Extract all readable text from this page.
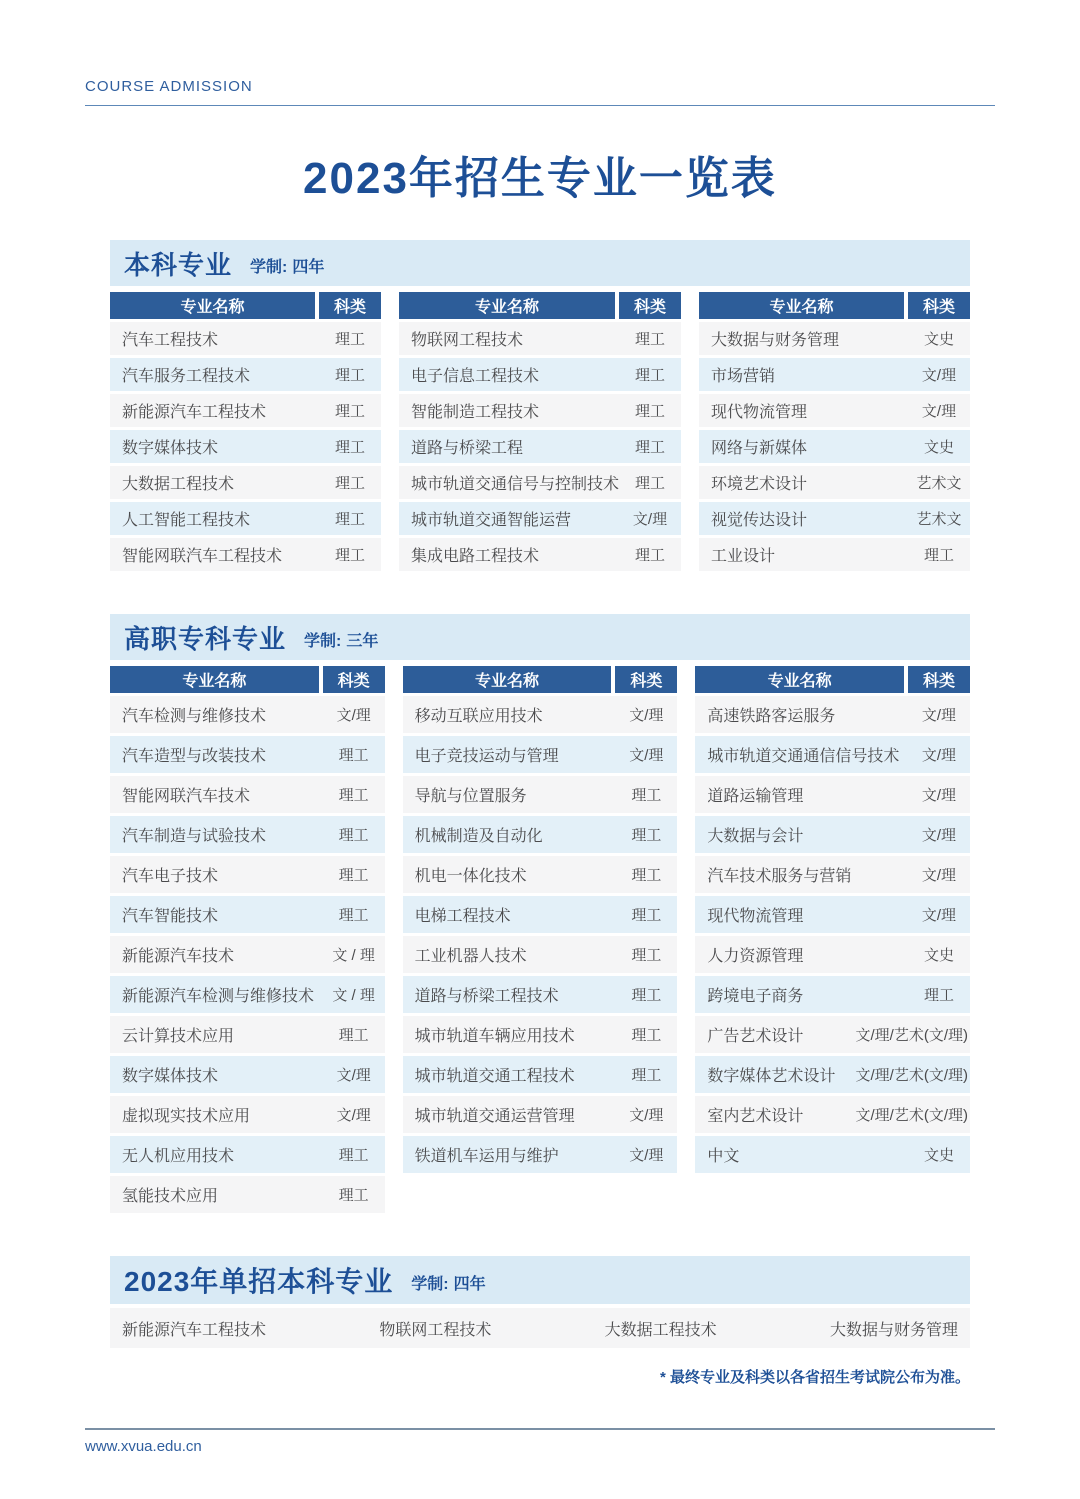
COURSE ADMISSION
2023年招生专业一览表
本科专业 学制: 四年
专业名称	科类
汽车工程技术	理工
汽车服务工程技术	理工
新能源汽车工程技术	理工
数字媒体技术	理工
大数据工程技术	理工
人工智能工程技术	理工
智能网联汽车工程技术	理工
专业名称	科类
物联网工程技术	理工
电子信息工程技术	理工
智能制造工程技术	理工
道路与桥梁工程	理工
城市轨道交通信号与控制技术	理工
城市轨道交通智能运营	文/理
集成电路工程技术	理工
专业名称	科类
大数据与财务管理	文史
市场营销	文/理
现代物流管理	文/理
网络与新媒体	文史
环境艺术设计	艺术文
视觉传达设计	艺术文
工业设计	理工
高职专科专业 学制: 三年
专业名称	科类
汽车检测与维修技术	文/理
汽车造型与改装技术	理工
智能网联汽车技术	理工
汽车制造与试验技术	理工
汽车电子技术	理工
汽车智能技术	理工
新能源汽车技术	文 / 理
新能源汽车检测与维修技术	文 / 理
云计算技术应用	理工
数字媒体技术	文/理
虚拟现实技术应用	文/理
无人机应用技术	理工
氢能技术应用	理工
专业名称	科类
移动互联应用技术	文/理
电子竞技运动与管理	文/理
导航与位置服务	理工
机械制造及自动化	理工
机电一体化技术	理工
电梯工程技术	理工
工业机器人技术	理工
道路与桥梁工程技术	理工
城市轨道车辆应用技术	理工
城市轨道交通工程技术	理工
城市轨道交通运营管理	文/理
铁道机车运用与维护	文/理
专业名称	科类
高速铁路客运服务	文/理
城市轨道交通通信信号技术	文/理
道路运输管理	文/理
大数据与会计	文/理
汽车技术服务与营销	文/理
现代物流管理	文/理
人力资源管理	文史
跨境电子商务	理工
广告艺术设计	文/理/艺术(文/理)
数字媒体艺术设计	文/理/艺术(文/理)
室内艺术设计	文/理/艺术(文/理)
中文	文史
2023年单招本科专业 学制: 四年
新能源汽车工程技术	物联网工程技术	大数据工程技术	大数据与财务管理
* 最终专业及科类以各省招生考试院公布为准。
www.xvua.edu.cn
